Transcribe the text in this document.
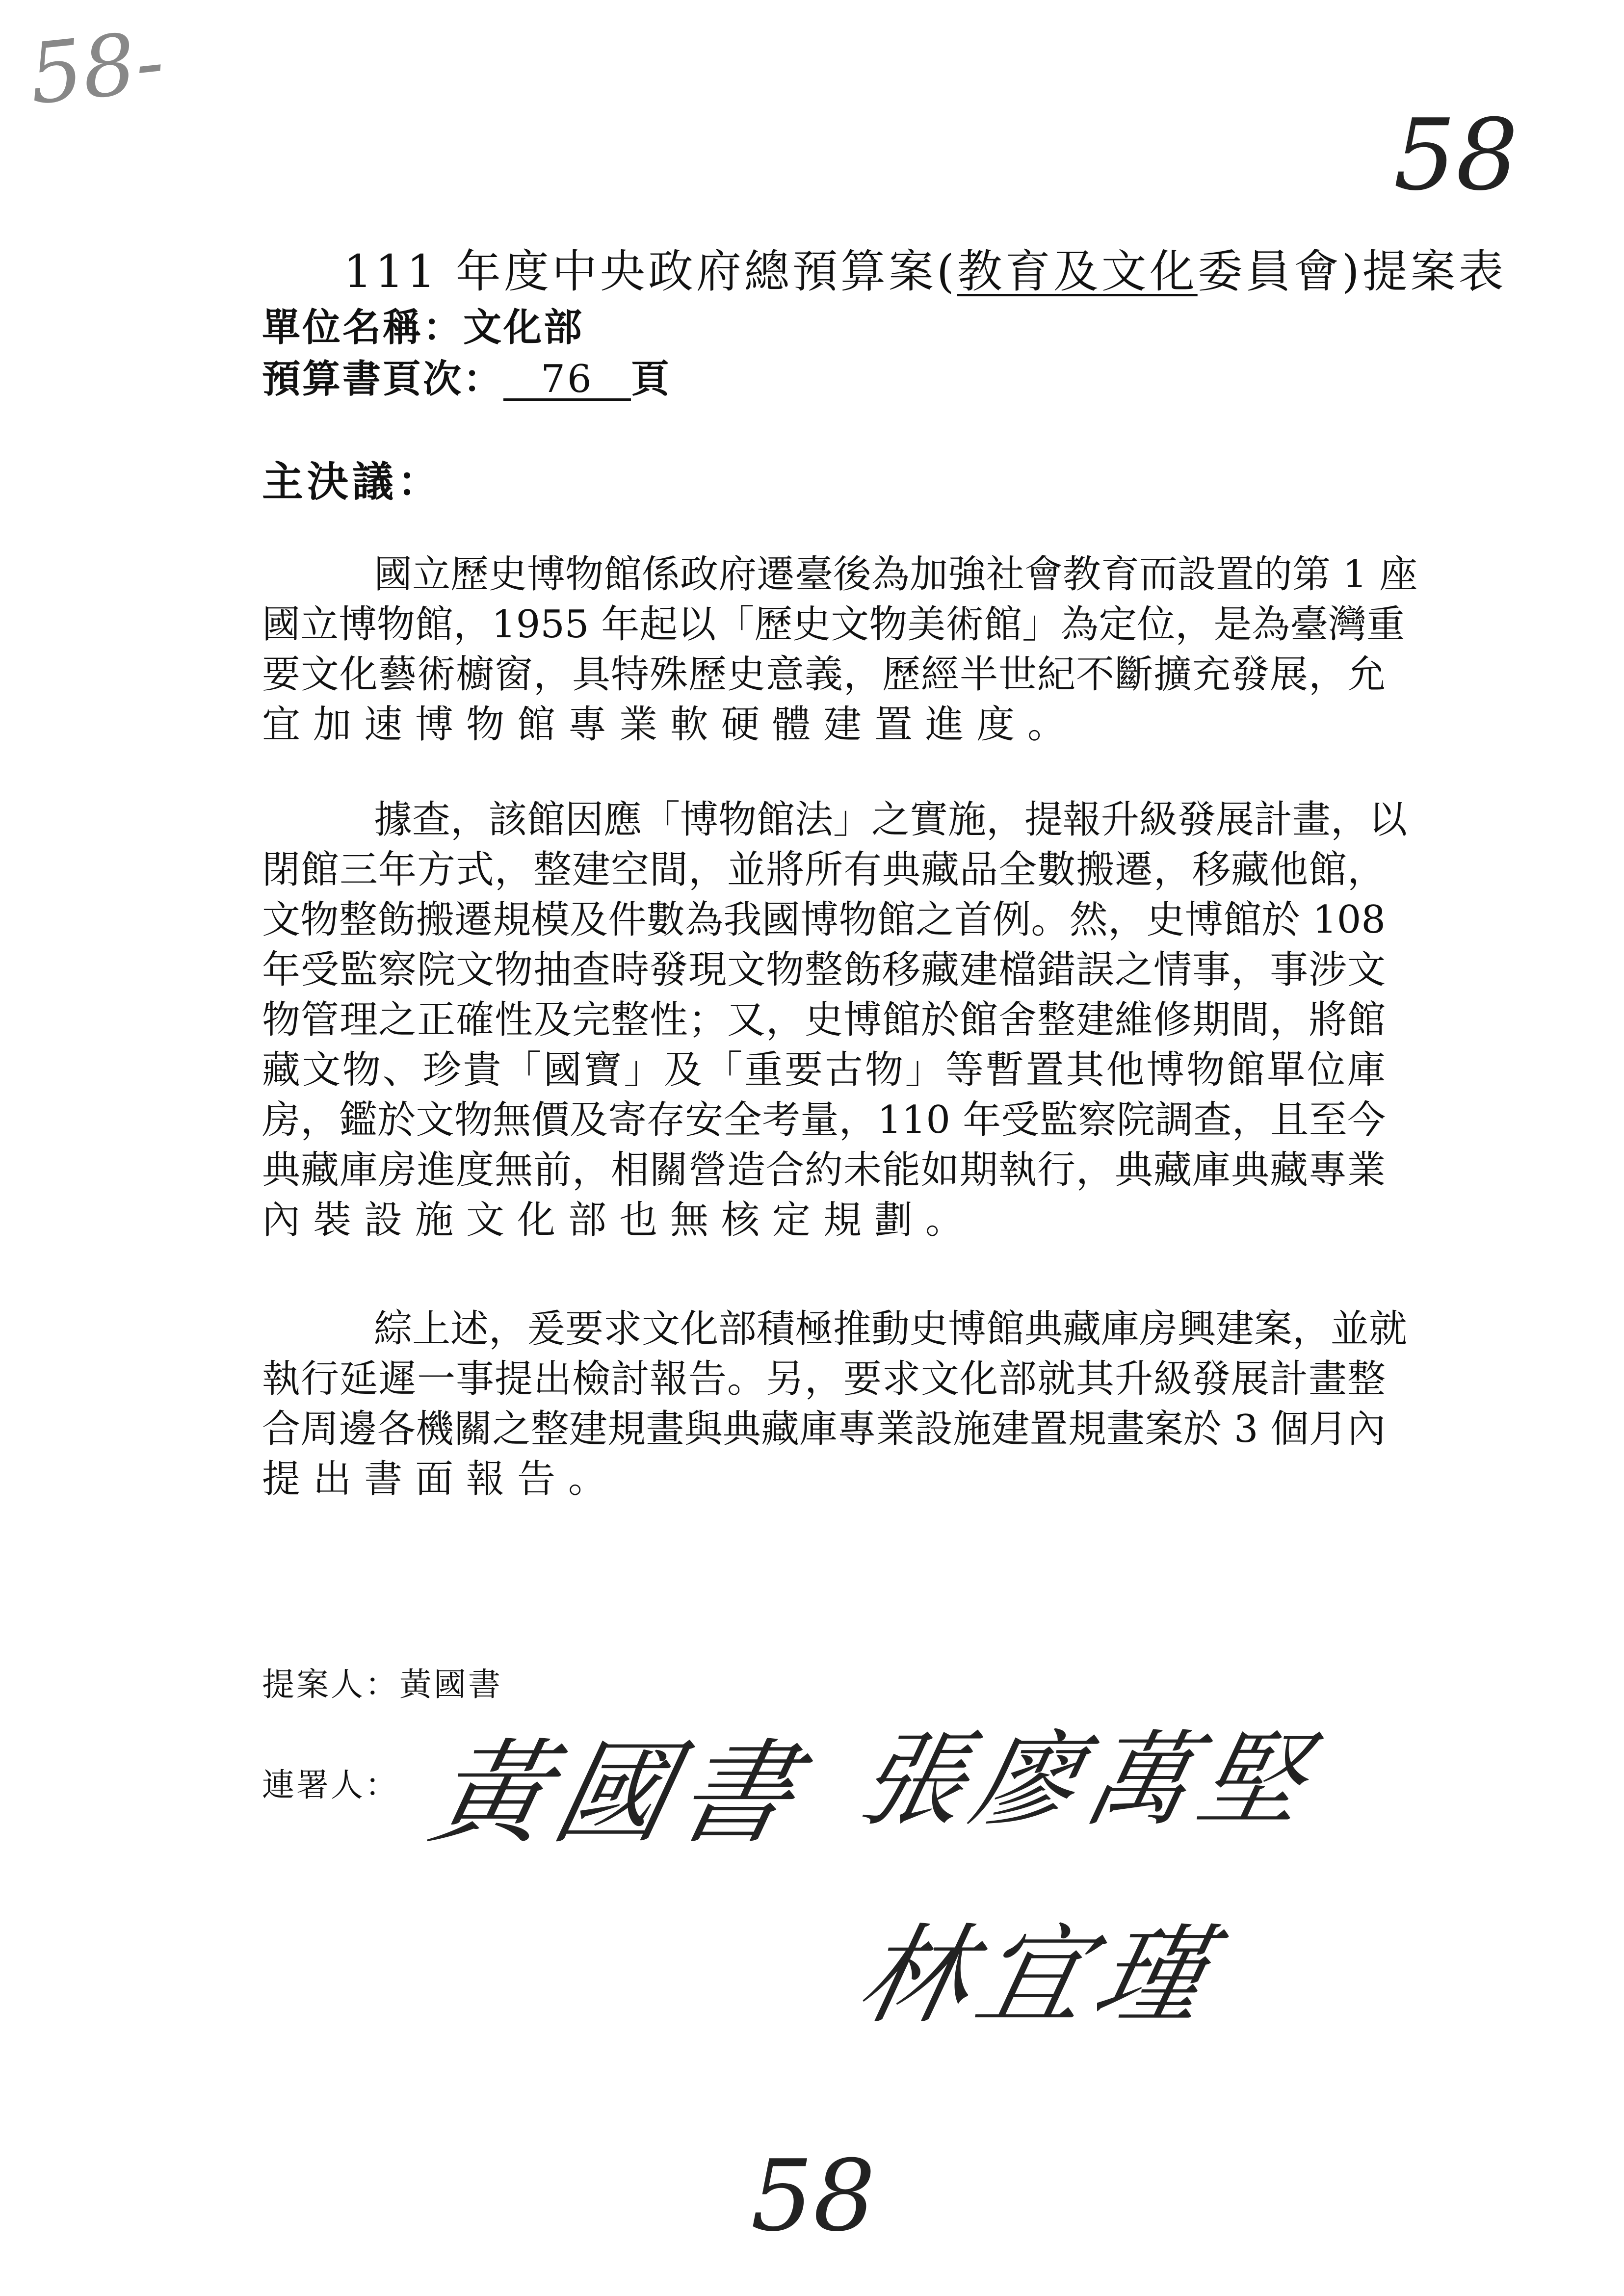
58-
58
111 年度中央政府總預算案(教育及文化委員會)提案表
單位名稱：文化部
預算書頁次： 76 頁
主決議：
國立歷史博物館係政府遷臺後為加強社會教育而設置的第 1 座
國立博物館，1955 年起以「歷史文物美術館」為定位，是為臺灣重
要文化藝術櫥窗，具特殊歷史意義，歷經半世紀不斷擴充發展，允
宜加速博物館專業軟硬體建置進度。
據查，該館因應「博物館法」之實施，提報升級發展計畫，以
閉館三年方式，整建空間，並將所有典藏品全數搬遷，移藏他館，
文物整飭搬遷規模及件數為我國博物館之首例。然，史博館於 108
年受監察院文物抽查時發現文物整飭移藏建檔錯誤之情事，事涉文
物管理之正確性及完整性；又，史博館於館舍整建維修期間，將館
藏文物、珍貴「國寶」及「重要古物」等暫置其他博物館單位庫
房，鑑於文物無價及寄存安全考量，110 年受監察院調查，且至今
典藏庫房進度無前，相關營造合約未能如期執行，典藏庫典藏專業
內裝設施文化部也無核定規劃。
綜上述，爰要求文化部積極推動史博館典藏庫房興建案，並就
執行延遲一事提出檢討報告。另，要求文化部就其升級發展計畫整
合周邊各機關之整建規畫與典藏庫專業設施建置規畫案於 3 個月內
提出書面報告。
提案人：黃國書
連署人： 黃國書 張廖萬堅
林宜瑾
58
